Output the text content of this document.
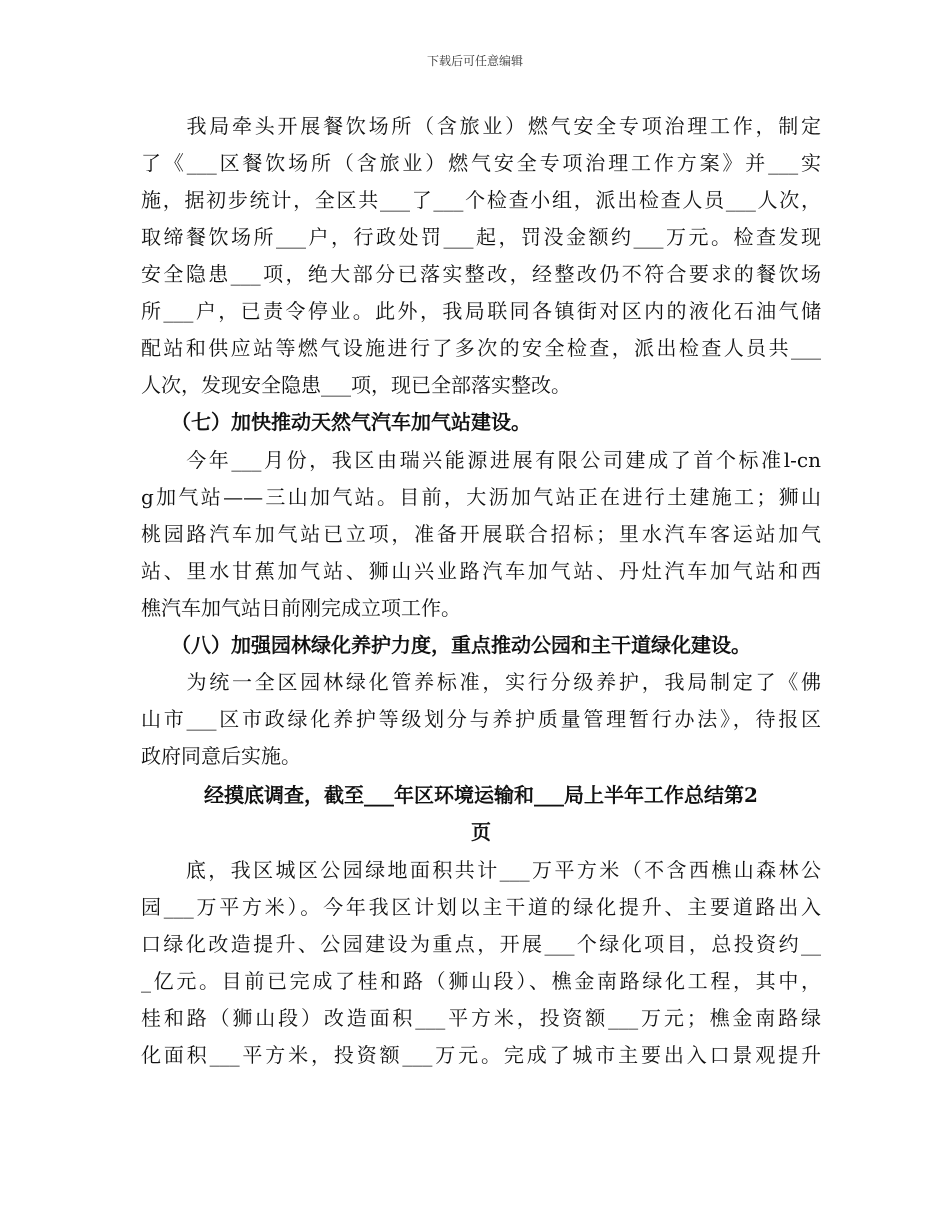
下载后可任意编辑
　　我局牵头开展餐饮场所（含旅业）燃气安全专项治理工作，制定
了《___区餐饮场所（含旅业）燃气安全专项治理工作方案》并___实
施，据初步统计，全区共___了___个检查小组，派出检查人员___人次，
取缔餐饮场所___户，行政处罚___起，罚没金额约___万元。检查发现
安全隐患___项，绝大部分已落实整改，经整改仍不符合要求的餐饮场
所___户，已责令停业。此外，我局联同各镇街对区内的液化石油气储
配站和供应站等燃气设施进行了多次的安全检查，派出检查人员共___
人次，发现安全隐患___项，现已全部落实整改。
　　（七）加快推动天然气汽车加气站建设。
　　今年___月份，我区由瑞兴能源进展有限公司建成了首个标准l-cn
g加气站——三山加气站。目前，大沥加气站正在进行土建施工；狮山
桃园路汽车加气站已立项，准备开展联合招标；里水汽车客运站加气
站、里水甘蕉加气站、狮山兴业路汽车加气站、丹灶汽车加气站和西
樵汽车加气站日前刚完成立项工作。
　　（八）加强园林绿化养护力度，重点推动公园和主干道绿化建设。
　　为统一全区园林绿化管养标准，实行分级养护，我局制定了《佛
山市___区市政绿化养护等级划分与养护质量管理暂行办法》，待报区
政府同意后实施。
经摸底调查，截至___年区环境运输和___局上半年工作总结第2
页
　　底，我区城区公园绿地面积共计___万平方米（不含西樵山森林公
园___万平方米）。今年我区计划以主干道的绿化提升、主要道路出入
口绿化改造提升、公园建设为重点，开展___个绿化项目，总投资约__
_亿元。目前已完成了桂和路（狮山段）、樵金南路绿化工程，其中，
桂和路（狮山段）改造面积___平方米，投资额___万元；樵金南路绿
化面积___平方米，投资额___万元。完成了城市主要出入口景观提升
